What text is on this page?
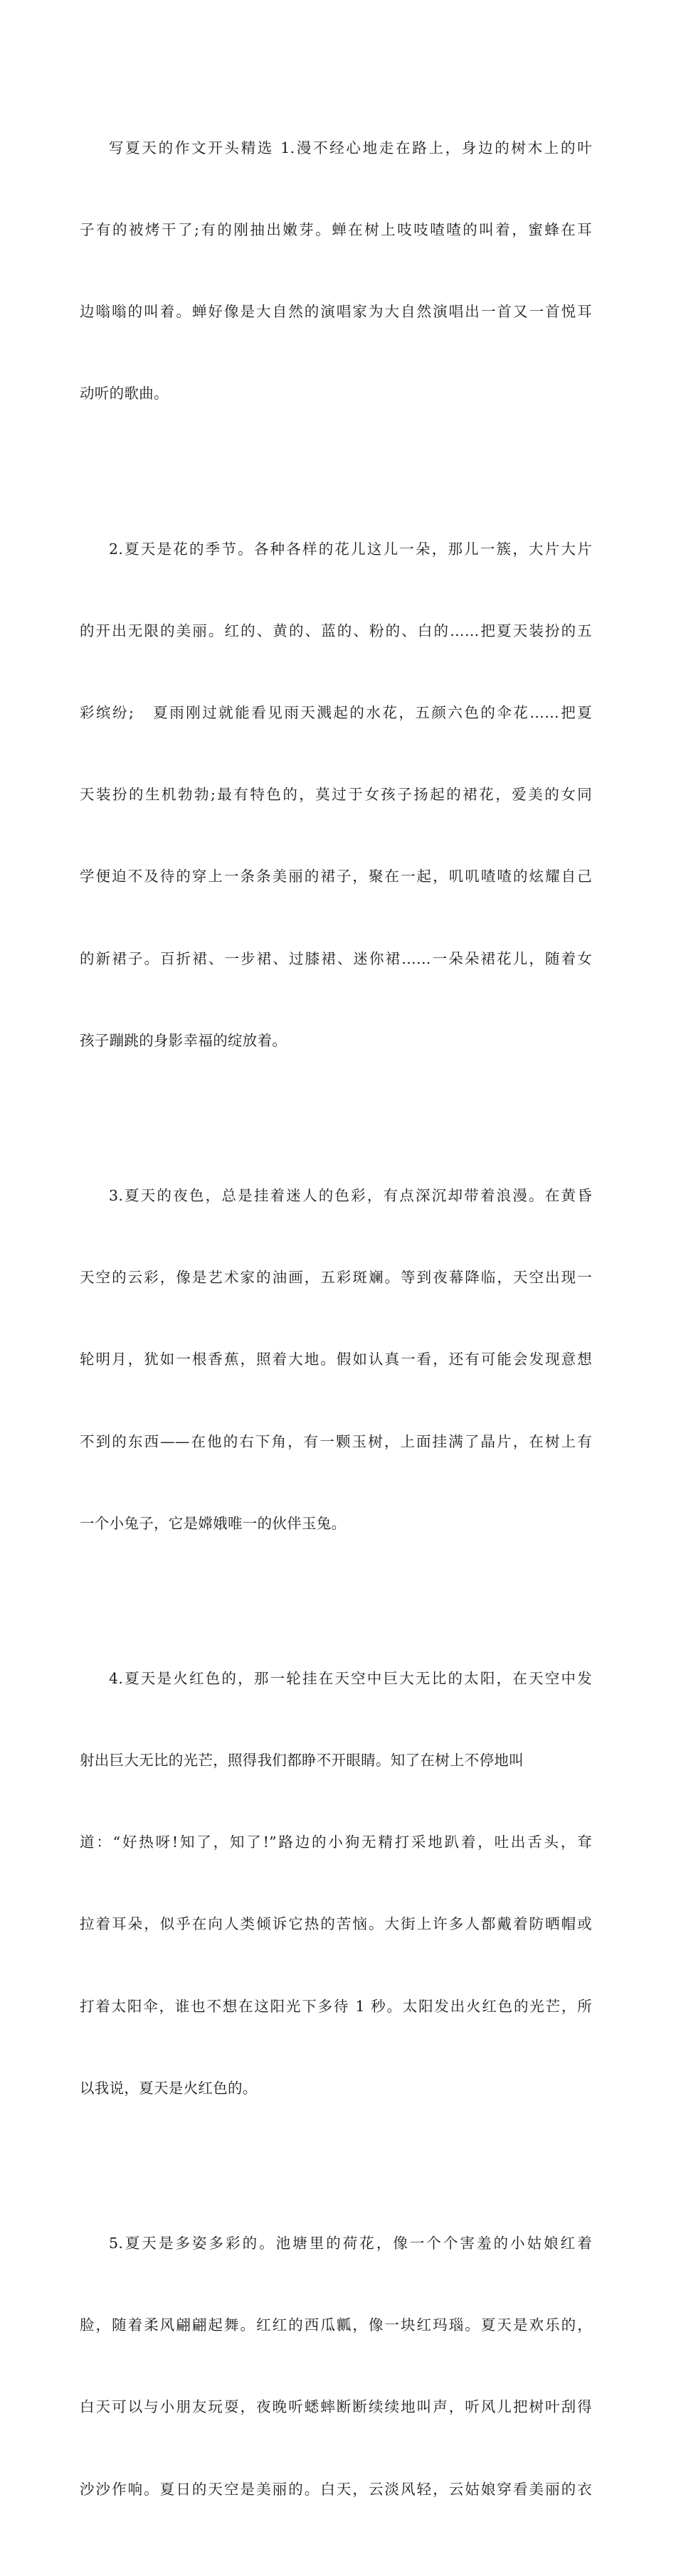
写夏天的作文开头精选 1.漫不经心地走在路上，身边的树木上的叶

子有的被烤干了;有的刚抽出嫩芽。蝉在树上吱吱喳喳的叫着，蜜蜂在耳

边嗡嗡的叫着。蝉好像是大自然的演唱家为大自然演唱出一首又一首悦耳

动听的歌曲。

2.夏天是花的季节。各种各样的花儿这儿一朵，那儿一簇，大片大片

的开出无限的美丽。红的、黄的、蓝的、粉的、白的……把夏天装扮的五

彩缤纷;   夏雨刚过就能看见雨天溅起的水花，五颜六色的伞花……把夏

天装扮的生机勃勃;最有特色的，莫过于女孩子扬起的裙花，爱美的女同

学便迫不及待的穿上一条条美丽的裙子，聚在一起，叽叽喳喳的炫耀自己

的新裙子。百折裙、一步裙、过膝裙、迷你裙……一朵朵裙花儿，随着女

孩子蹦跳的身影幸福的绽放着。

3.夏天的夜色，总是挂着迷人的色彩，有点深沉却带着浪漫。在黄昏

天空的云彩，像是艺术家的油画，五彩斑斓。等到夜幕降临，天空出现一

轮明月，犹如一根香蕉，照着大地。假如认真一看，还有可能会发现意想

不到的东西——在他的右下角，有一颗玉树，上面挂满了晶片，在树上有

一个小兔子，它是嫦娥唯一的伙伴玉兔。

4.夏天是火红色的，那一轮挂在天空中巨大无比的太阳，在天空中发

射出巨大无比的光芒，照得我们都睁不开眼睛。知了在树上不停地叫

道：“好热呀!知了，知了!”路边的小狗无精打采地趴着，吐出舌头，耷

拉着耳朵，似乎在向人类倾诉它热的苦恼。大街上许多人都戴着防晒帽或

打着太阳伞，谁也不想在这阳光下多待 1 秒。太阳发出火红色的光芒，所

以我说，夏天是火红色的。

5.夏天是多姿多彩的。池塘里的荷花，像一个个害羞的小姑娘红着

脸，随着柔风翩翩起舞。红红的西瓜瓤，像一块红玛瑙。夏天是欢乐的，

白天可以与小朋友玩耍，夜晚听蟋蟀断断续续地叫声，听风儿把树叶刮得

沙沙作响。夏日的天空是美丽的。白天，云淡风轻，云姑娘穿看美丽的衣
